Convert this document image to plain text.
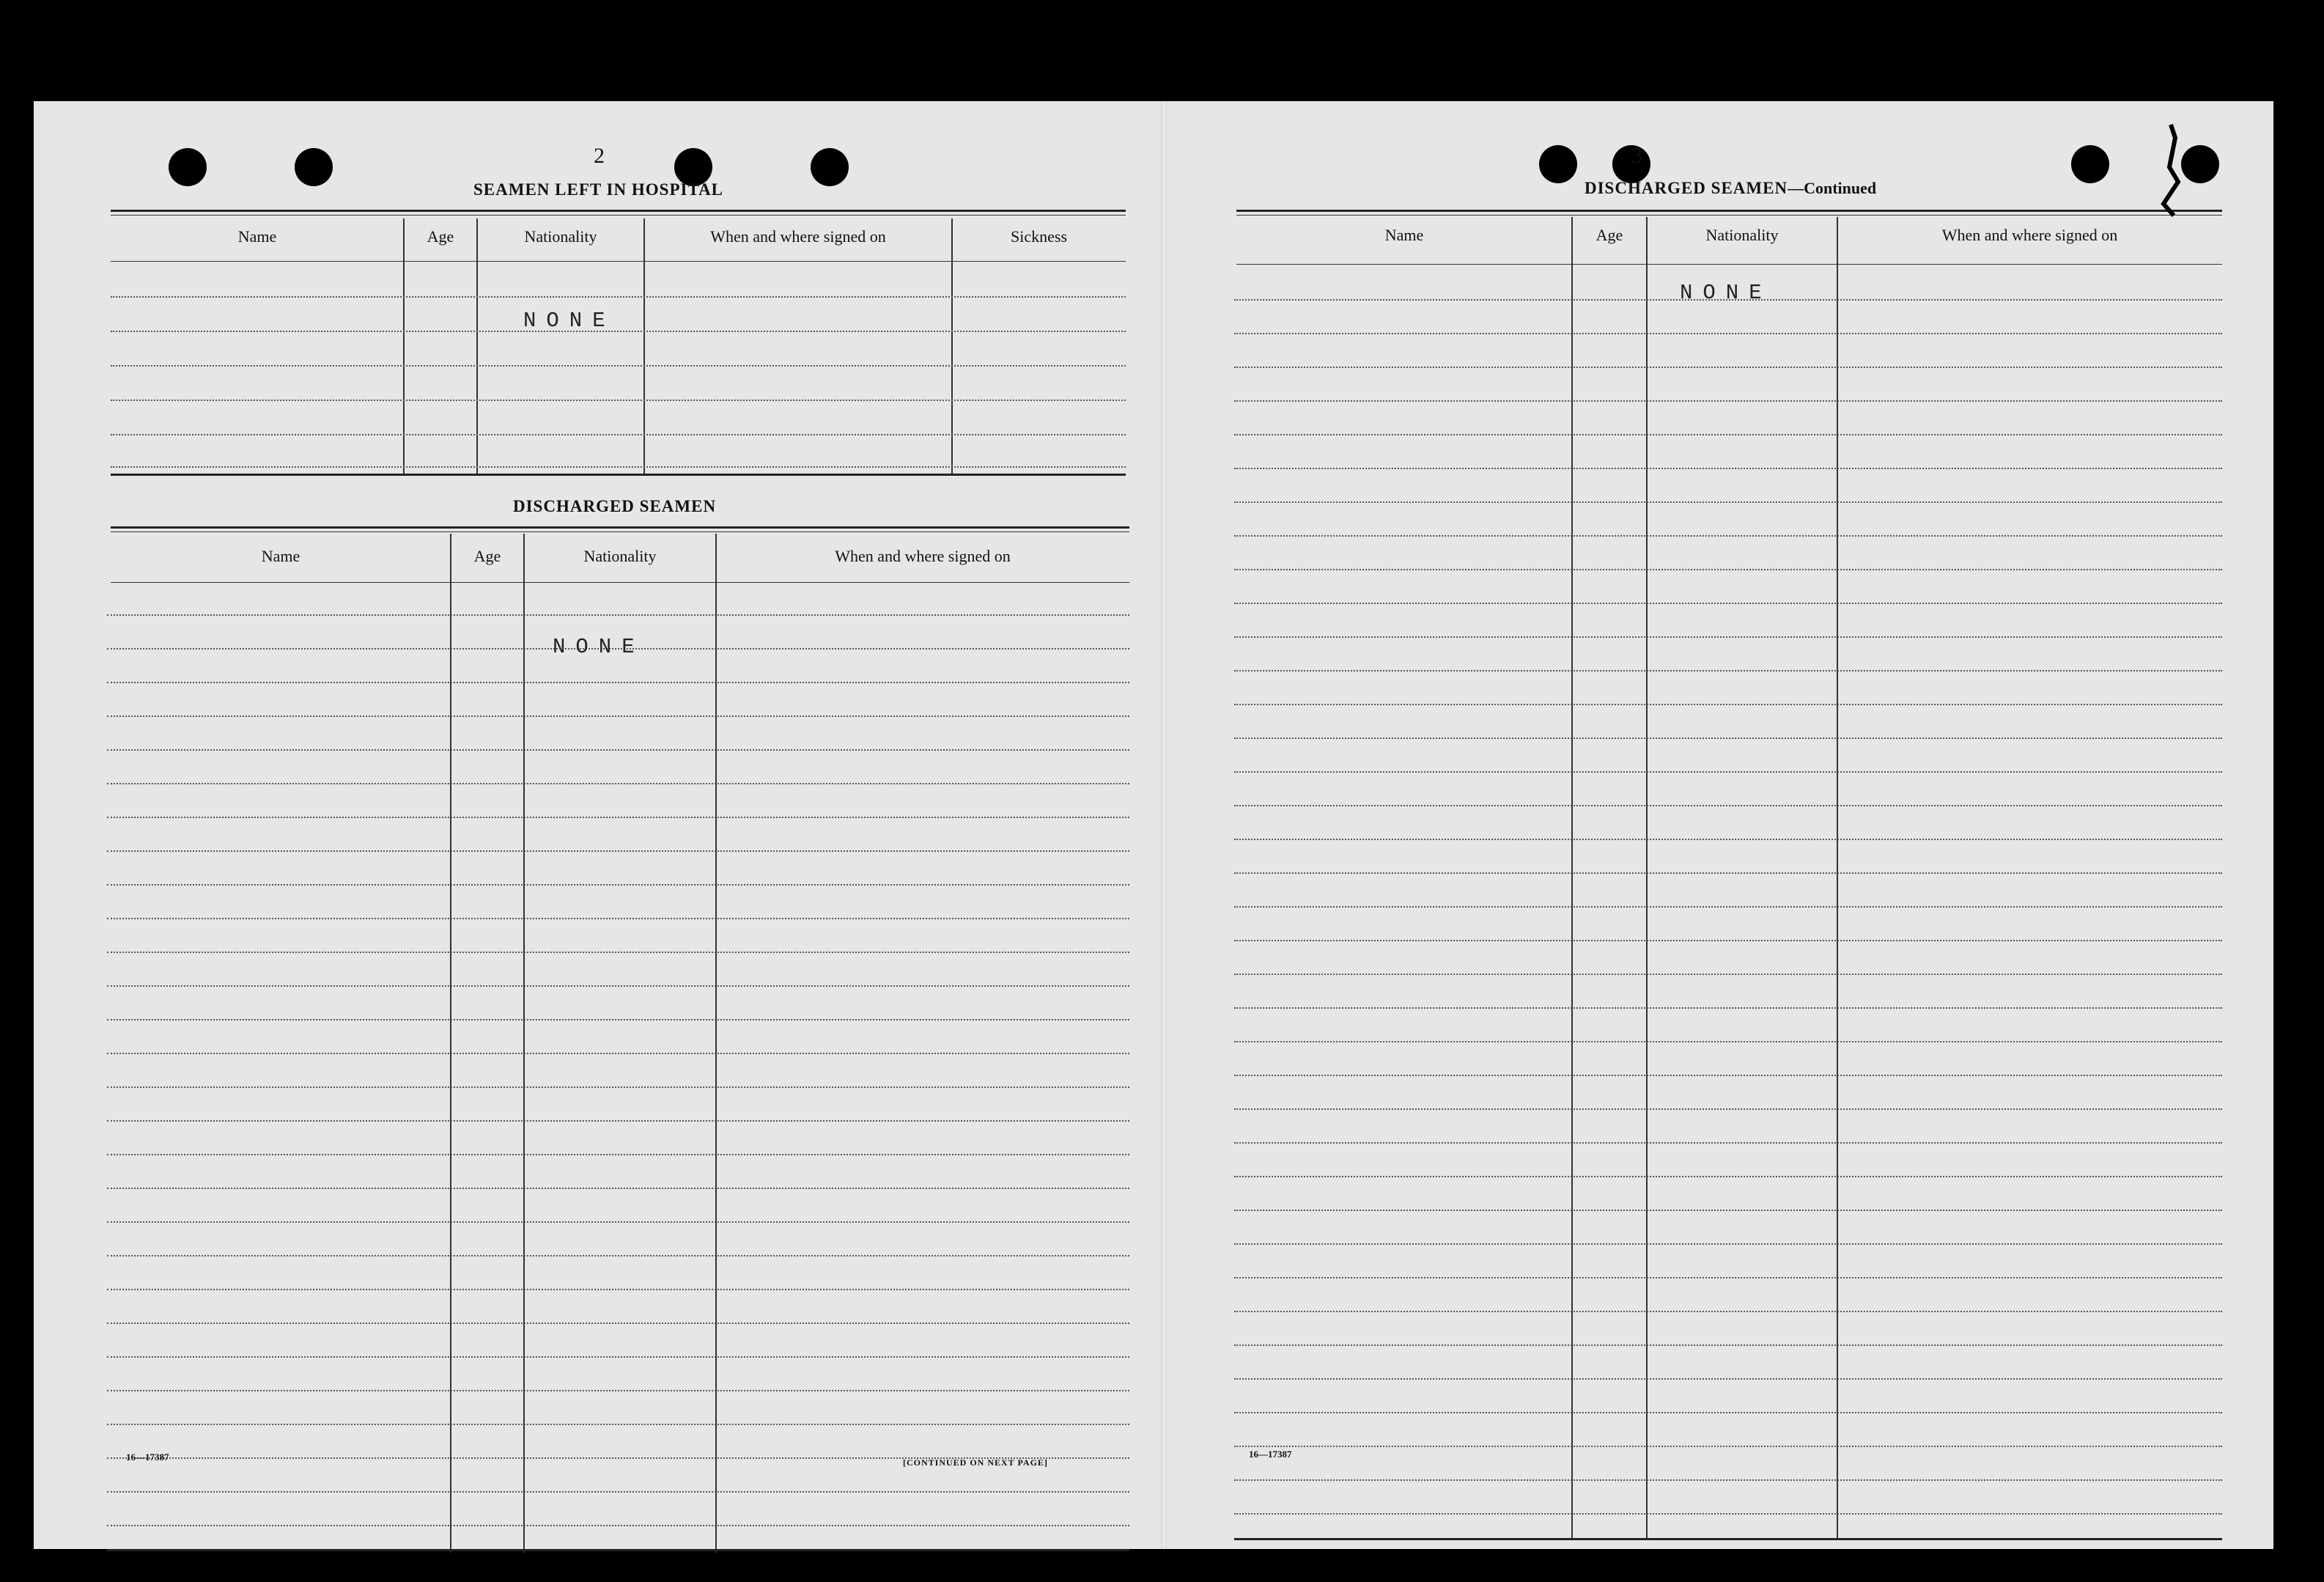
2
SEAMEN LEFT IN HOSPITAL
Name	Age	Nationality	When and where signed on	Sickness
NONE
DISCHARGED SEAMEN
Name	Age	Nationality	When and where signed on
NONE
16—17387	[CONTINUED ON NEXT PAGE]
3
DISCHARGED SEAMEN—Continued
Name	Age	Nationality	When and where signed on
NONE
16—17387
